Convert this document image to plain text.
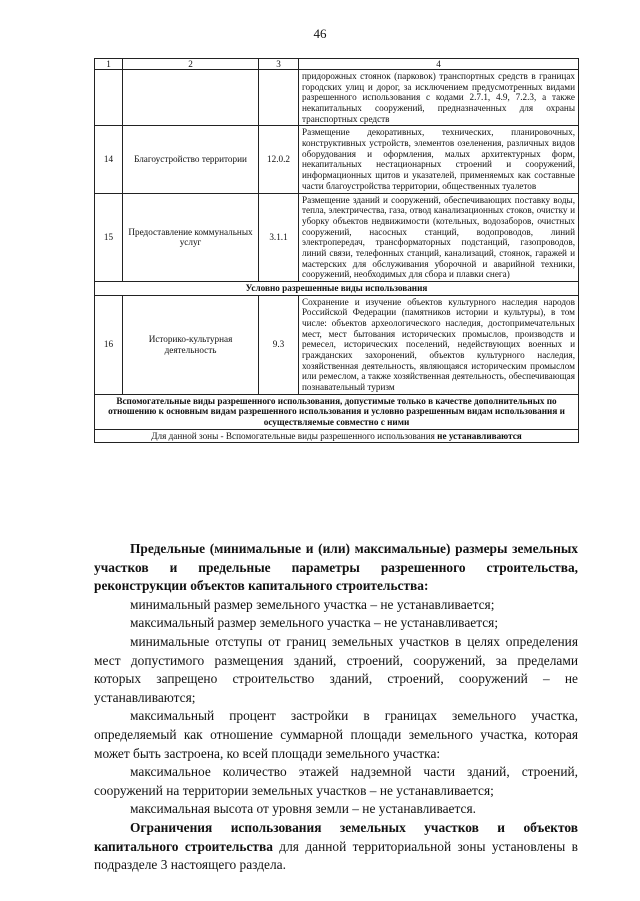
46
1	2	3	4
			придорожных стоянок (парковок) транспортных средств в границах городских улиц и дорог, за исключением предусмотренных видами разрешенного использования с кодами 2.7.1, 4.9, 7.2.3, а также некапитальных сооружений, предназначенных для охраны транспортных средств
14	Благоустройство территории	12.0.2	Размещение декоративных, технических, планировочных, конструктивных устройств, элементов озеленения, различных видов оборудования и оформления, малых архитектурных форм, некапитальных нестационарных строений и сооружений, информационных щитов и указателей, применяемых как составные части благоустройства территории, общественных туалетов
15	Предоставление коммунальных услуг	3.1.1	Размещение зданий и сооружений, обеспечивающих поставку воды, тепла, электричества, газа, отвод канализационных стоков, очистку и уборку объектов недвижимости (котельных, водозаборов, очистных сооружений, насосных станций, водопроводов, линий электропередач, трансформаторных подстанций, газопроводов, линий связи, телефонных станций, канализаций, стоянок, гаражей и мастерских для обслуживания уборочной и аварийной техники, сооружений, необходимых для сбора и плавки снега)
Условно разрешенные виды использования			
16	Историко-культурная деятельность	9.3	Сохранение и изучение объектов культурного наследия народов Российской Федерации (памятников истории и культуры), в том числе: объектов археологического наследия, достопримечательных мест, мест бытования исторических промыслов, производств и ремесел, исторических поселений, недействующих военных и гражданских захоронений, объектов культурного наследия, хозяйственная деятельность, являющаяся историческим промыслом или ремеслом, а также хозяйственная деятельность, обеспечивающая познавательный туризм
Вспомогательные виды разрешенного использования, допустимые только в качестве дополнительных по отношению к основным видам разрешенного использования и условно разрешенным видам использования и осуществляемые совместно с ними			
Для данной зоны - Вспомогательные виды разрешенного использования не устанавливаются			

Предельные (минимальные и (или) максимальные) размеры земельных участков и предельные параметры разрешенного строительства, реконструкции объектов капитального строительства:

минимальный размер земельного участка – не устанавливается;

максимальный размер земельного участка – не устанавливается;

минимальные отступы от границ земельных участков в целях определения мест допустимого размещения зданий, строений, сооружений, за пределами которых запрещено строительство зданий, строений, сооружений – не устанавливаются;

максимальный процент застройки в границах земельного участка, определяемый как отношение суммарной площади земельного участка, которая может быть застроена, ко всей площади земельного участка:

максимальное количество этажей надземной части зданий, строений, сооружений на территории земельных участков – не устанавливается;

максимальная высота от уровня земли – не устанавливается.

Ограничения использования земельных участков и объектов капитального строительства для данной территориальной зоны установлены в подразделе 3 настоящего раздела.
